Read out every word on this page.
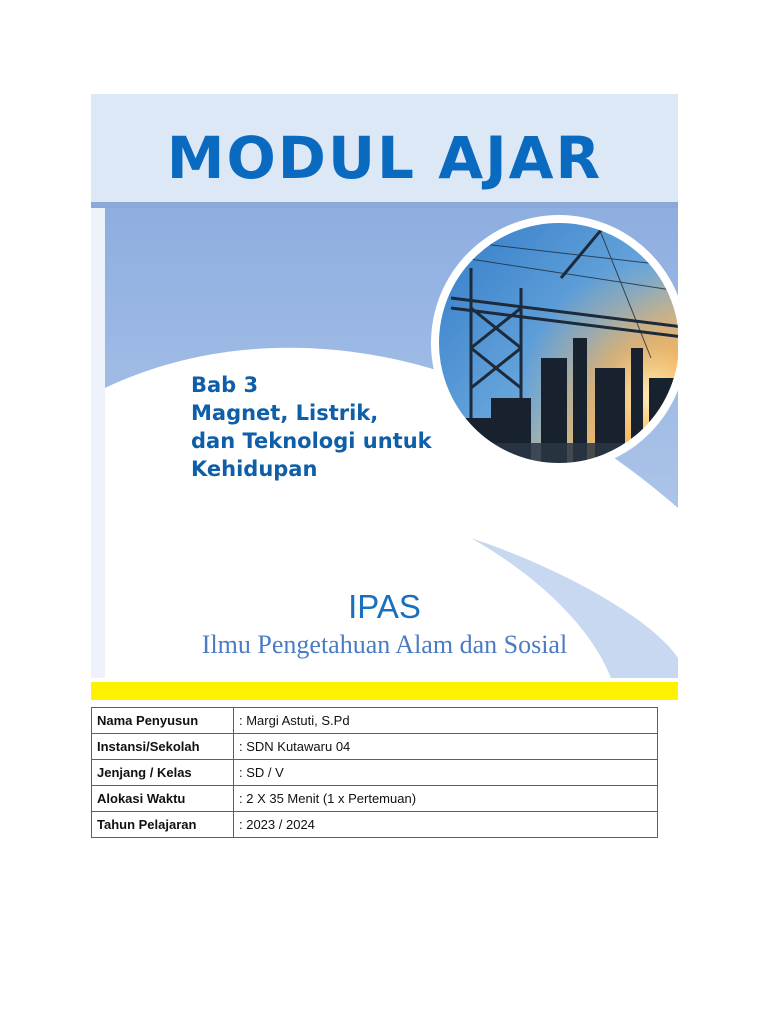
MODUL AJAR
Bab 3
Magnet, Listrik,
dan Teknologi untuk
Kehidupan
IPAS
Ilmu Pengetahuan Alam dan Sosial
Nama Penyusun	: Margi Astuti, S.Pd
Instansi/Sekolah	: SDN Kutawaru 04
Jenjang / Kelas	: SD / V
Alokasi Waktu	: 2 X 35 Menit (1 x Pertemuan)
Tahun Pelajaran	: 2023 / 2024
